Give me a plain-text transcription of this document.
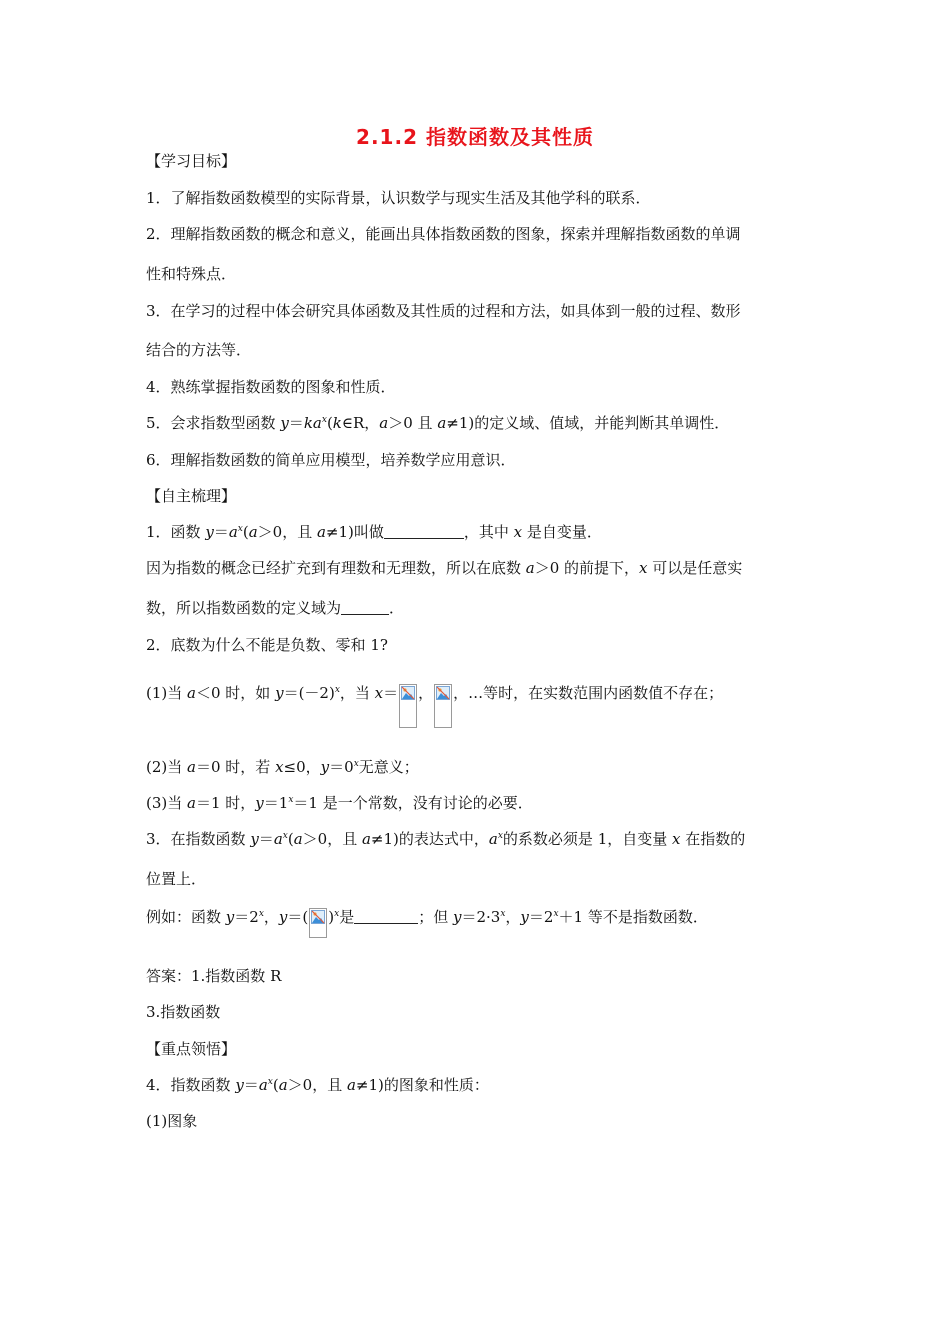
2.1.2 指数函数及其性质
【学习目标】
1．了解指数函数模型的实际背景，认识数学与现实生活及其他学科的联系．
2．理解指数函数的概念和意义，能画出具体指数函数的图象，探索并理解指数函数的单调
性和特殊点．
3．在学习的过程中体会研究具体函数及其性质的过程和方法，如具体到一般的过程、数形
结合的方法等．
4．熟练掌握指数函数的图象和性质．
5．会求指数型函数 $y=ka^x(k\in R$，a＞0 且 a≠1)的定义域、值域，并能判断其单调性．
6．理解指数函数的简单应用模型，培养数学应用意识．
【自主梳理】
1．函数 $y=a^x(a>0$，且 a≠1)叫做	，其中 x 是自变量．
因为指数的概念已经扩充到有理数和无理数，所以在底数 a＞0 的前提下，x 可以是任意实
数，所以指数函数的定义域为	．
2．底数为什么不能是负数、零和 1?
(1)当 a＜0 时，如 $y=(-2)^x$，当 x＝ ， ，…等时，在实数范围内函数值不存在；
(2)当 a＝0 时，若 x≤0，$y=0^x$无意义；
(3)当 a＝1 时，$y=1^x=1$ 是一个常数，没有讨论的必要．
3．在指数函数 $y=a^x(a>0$，且 a≠1)的表达式中，$a^x$的系数必须是 1，自变量 x 在指数的
位置上．
例如：函数 $y=2^x$，y＝( )$^x$是	；但 $y=2\cdot 3^x$，$y=2^x+1$ 等不是指数函数．
答案：1.指数函数 R
3.指数函数
【重点领悟】
4．指数函数 $y=a^x(a>0$，且 a≠1)的图象和性质：
(1)图象
